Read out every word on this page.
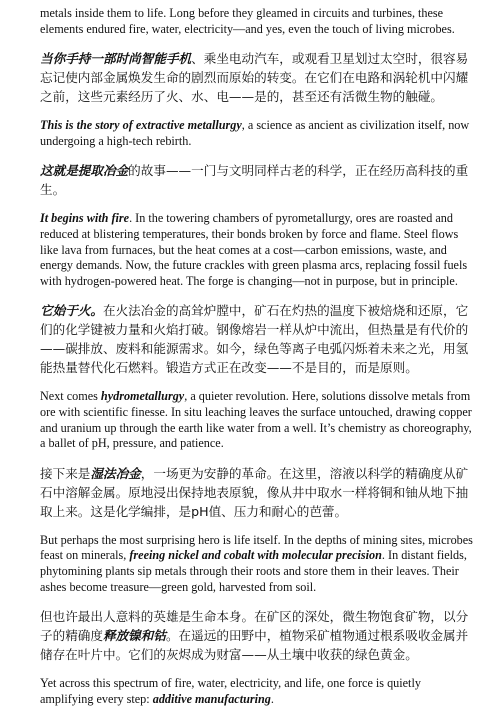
metals inside them to life. Long before they gleamed in circuits and turbines, these elements endured fire, water, electricity—and yes, even the touch of living microbes.

当你手持一部时尚智能手机、乘坐电动汽车，或观看卫星划过太空时，很容易忘记使内部金属焕发生命的剧烈而原始的转变。在它们在电路和涡轮机中闪耀之前，这些元素经历了火、水、电——是的，甚至还有活微生物的触碰。

This is the story of extractive metallurgy, a science as ancient as civilization itself, now undergoing a high-tech rebirth.

这就是提取冶金的故事——一门与文明同样古老的科学，正在经历高科技的重生。

It begins with fire. In the towering chambers of pyrometallurgy, ores are roasted and reduced at blistering temperatures, their bonds broken by force and flame. Steel flows like lava from furnaces, but the heat comes at a cost—carbon emissions, waste, and energy demands. Now, the future crackles with green plasma arcs, replacing fossil fuels with hydrogen-powered heat. The forge is changing—not in purpose, but in principle.

它始于火。在火法冶金的高耸炉膛中，矿石在灼热的温度下被焙烧和还原，它们的化学键被力量和火焰打破。钢像熔岩一样从炉中流出，但热量是有代价的——碳排放、废料和能源需求。如今，绿色等离子电弧闪烁着未来之光，用氢能热量替代化石燃料。锻造方式正在改变——不是目的，而是原则。

Next comes hydrometallurgy, a quieter revolution. Here, solutions dissolve metals from ore with scientific finesse. In situ leaching leaves the surface untouched, drawing copper and uranium up through the earth like water from a well. It’s chemistry as choreography, a ballet of pH, pressure, and patience.

接下来是湿法冶金，一场更为安静的革命。在这里，溶液以科学的精确度从矿石中溶解金属。原地浸出保持地表原貌，像从井中取水一样将铜和铀从地下抽取上来。这是化学编排，是pH值、压力和耐心的芭蕾。

But perhaps the most surprising hero is life itself. In the depths of mining sites, microbes feast on minerals, freeing nickel and cobalt with molecular precision. In distant fields, phytomining plants sip metals through their roots and store them in their leaves. Their ashes become treasure—green gold, harvested from soil.

但也许最出人意料的英雄是生命本身。在矿区的深处，微生物饱食矿物，以分子的精确度释放镍和钴。在遥远的田野中，植物采矿植物通过根系吸收金属并储存在叶片中。它们的灰烬成为财富——从土壤中收获的绿色黄金。

Yet across this spectrum of fire, water, electricity, and life, one force is quietly amplifying every step: additive manufacturing.
